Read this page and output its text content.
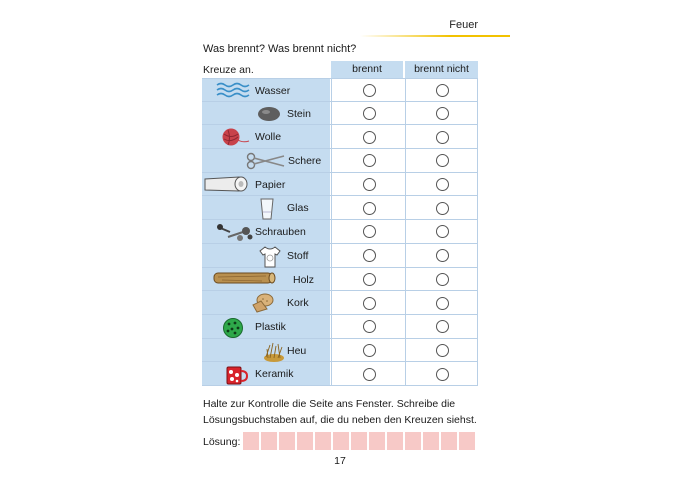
Feuer
Was brennt? Was brennt nicht?
Kreuze an.	brennt	brennt nicht
Wasser
Stein
Wolle
Schere
Papier
Glas
Schrauben
Stoff
Holz
Kork
Plastik
Heu
Keramik
Halte zur Kontrolle die Seite ans Fenster. Schreibe die
Lösungsbuchstaben auf, die du neben den Kreuzen siehst.
Lösung:
17
